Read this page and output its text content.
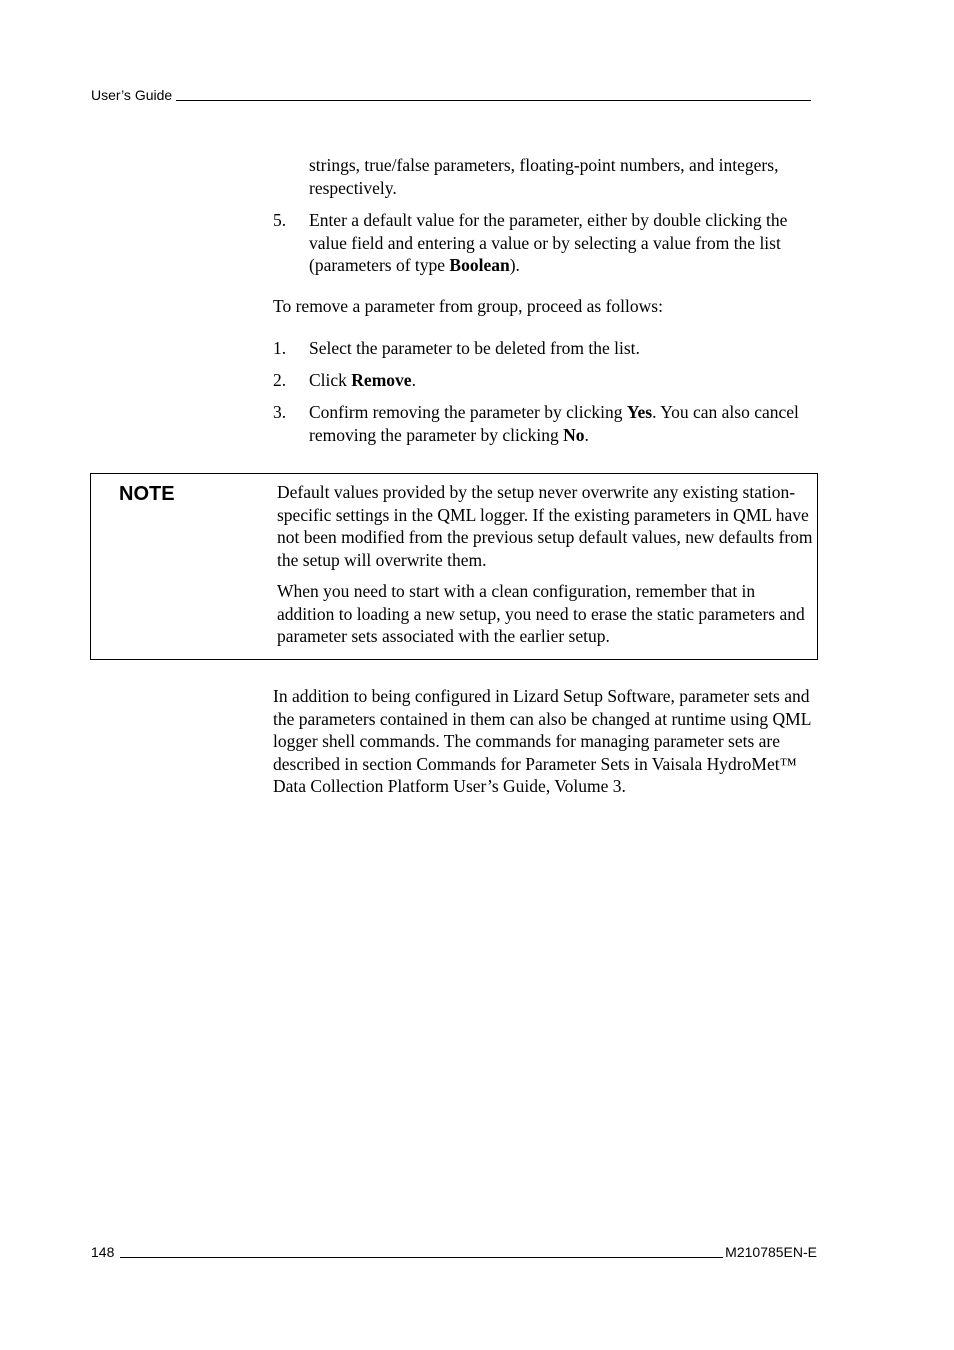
User’s Guide
strings, true/false parameters, floating-point numbers, and integers, respectively.
5.	Enter a default value for the parameter, either by double clicking the value field and entering a value or by selecting a value from the list (parameters of type Boolean).
To remove a parameter from group, proceed as follows:
1.	Select the parameter to be deleted from the list.
2.	Click Remove.
3.	Confirm removing the parameter by clicking Yes. You can also cancel removing the parameter by clicking No.
NOTE	Default values provided by the setup never overwrite any existing station-specific settings in the QML logger. If the existing parameters in QML have not been modified from the previous setup default values, new defaults from the setup will overwrite them.

When you need to start with a clean configuration, remember that in addition to loading a new setup, you need to erase the static parameters and parameter sets associated with the earlier setup.

In addition to being configured in Lizard Setup Software, parameter sets and the parameters contained in them can also be changed at runtime using QML logger shell commands. The commands for managing parameter sets are described in section Commands for Parameter Sets in Vaisala HydroMet™ Data Collection Platform User’s Guide, Volume 3.
148	M210785EN-E
